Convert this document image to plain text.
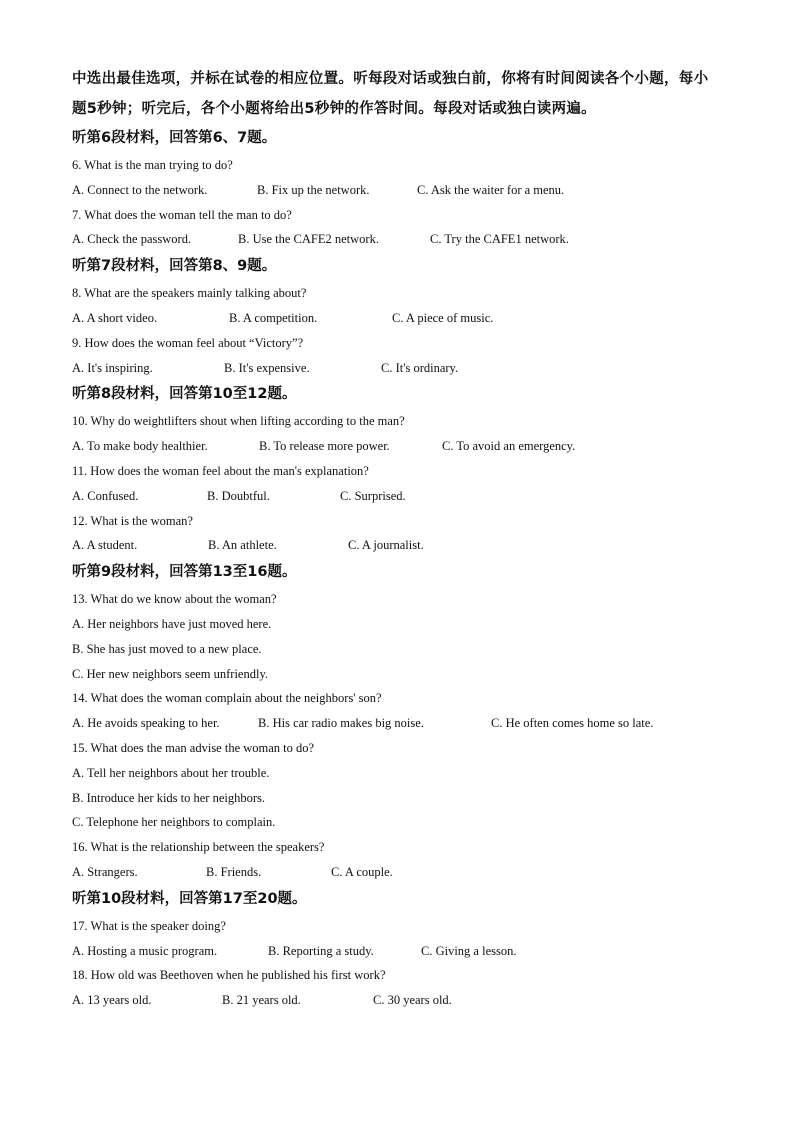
中选出最佳选项，并标在试卷的相应位置。听每段对话或独白前，你将有时间阅读各个小题，每小题5秒钟；听完后，各个小题将给出5秒钟的作答时间。每段对话或独白读两遍。

听第6段材料，回答第6、7题。

6. What is the man trying to do?

A. Connect to the network.	B. Fix up the network.	C. Ask the waiter for a menu.

7. What does the woman tell the man to do?

A. Check the password.	B. Use the CAFE2 network.	C. Try the CAFE1 network.

听第7段材料，回答第8、9题。

8. What are the speakers mainly talking about?

A. A short video.	B. A competition.	C. A piece of music.

9. How does the woman feel about “Victory”?

A. It's inspiring.	B. It's expensive.	C. It's ordinary.

听第8段材料，回答第10至12题。

10. Why do weightlifters shout when lifting according to the man?

A. To make body healthier.	B. To release more power.	C. To avoid an emergency.

11. How does the woman feel about the man's explanation?

A. Confused.	B. Doubtful.	C. Surprised.

12. What is the woman?

A. A student.	B. An athlete.	C. A journalist.

听第9段材料，回答第13至16题。

13. What do we know about the woman?

A. Her neighbors have just moved here.

B. She has just moved to a new place.

C. Her new neighbors seem unfriendly.

14. What does the woman complain about the neighbors' son?

A. He avoids speaking to her.	B. His car radio makes big noise.	C. He often comes home so late.

15. What does the man advise the woman to do?

A. Tell her neighbors about her trouble.

B. Introduce her kids to her neighbors.

C. Telephone her neighbors to complain.

16. What is the relationship between the speakers?

A. Strangers.	B. Friends.	C. A couple.

听第10段材料，回答第17至20题。

17. What is the speaker doing?

A. Hosting a music program.	B. Reporting a study.	C. Giving a lesson.

18. How old was Beethoven when he published his first work?

A. 13 years old.	B. 21 years old.	C. 30 years old.
